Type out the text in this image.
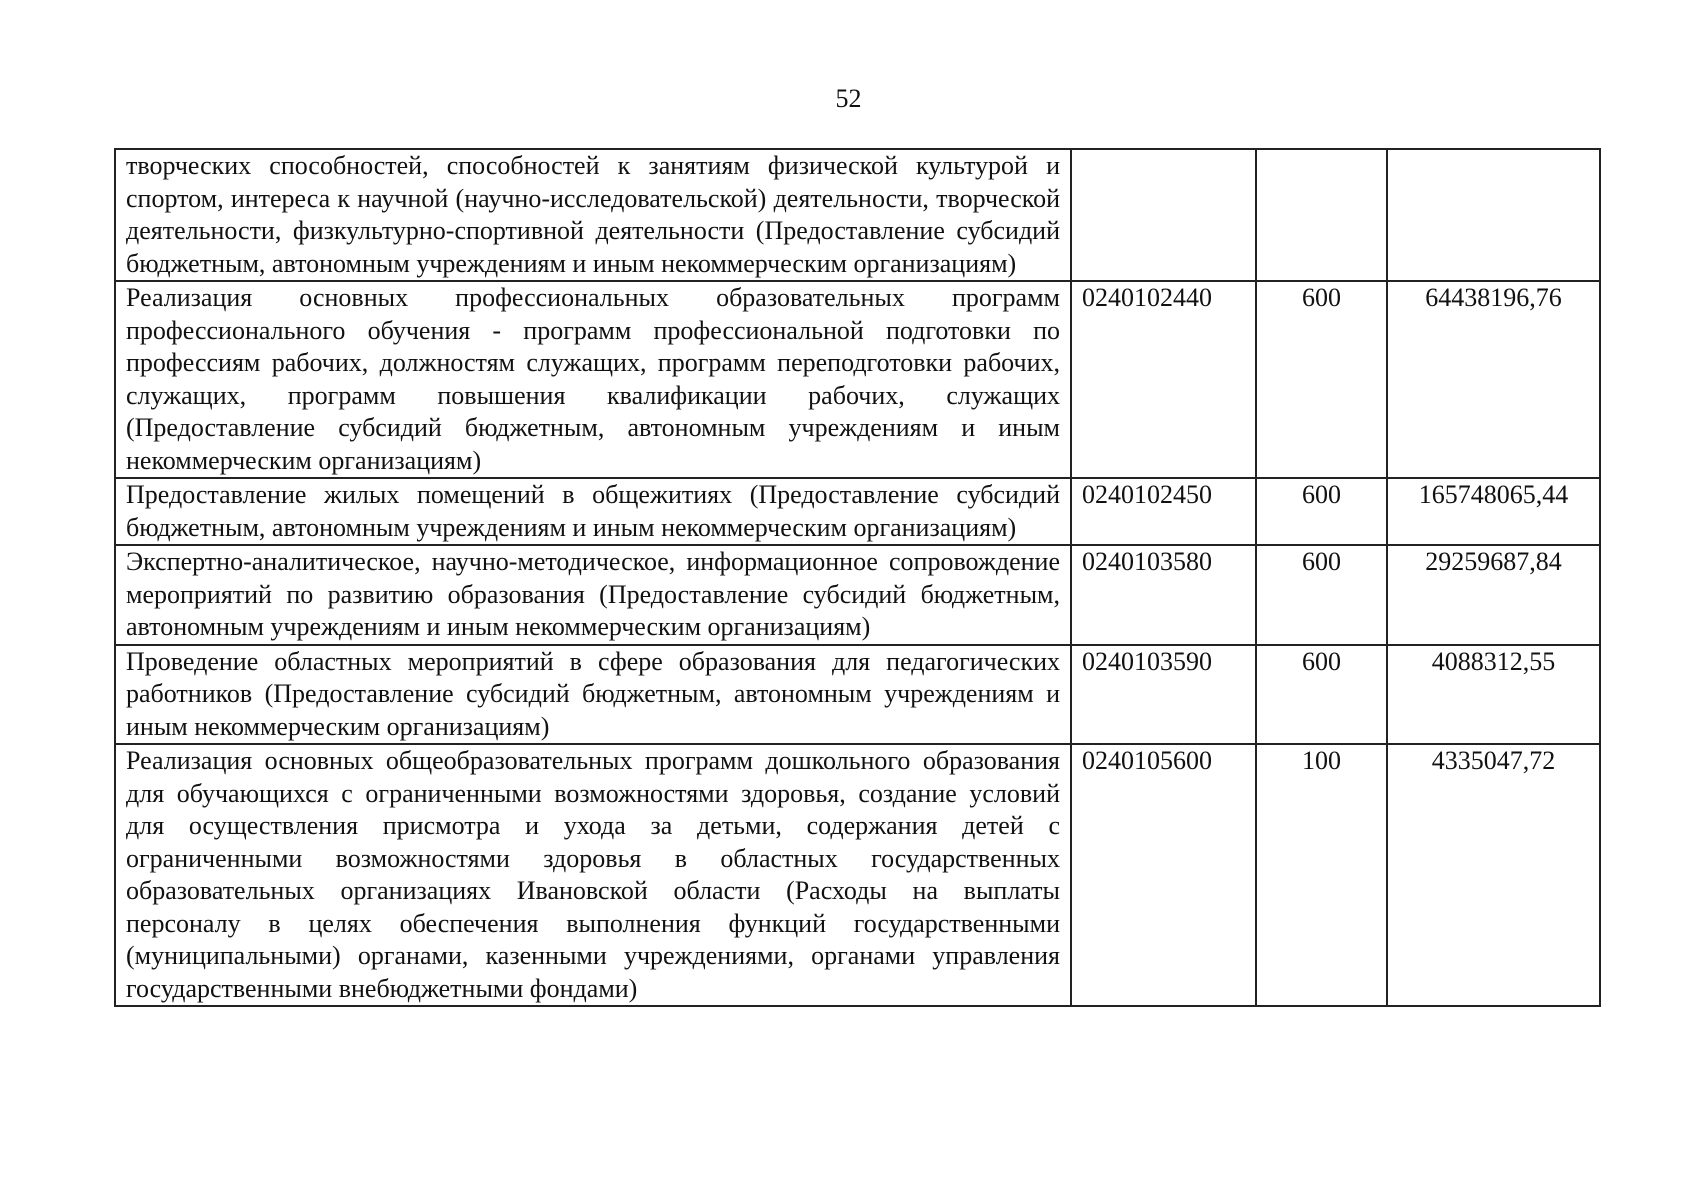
52
творческих способностей, способностей к занятиям физической культурой и спортом, интереса к научной (научно-исследовательской) деятельности, творческой деятельности, физкультурно-спортивной деятельности (Предоставление субсидий бюджетным, автономным учреждениям и иным некоммерческим организациям)			
Реализация основных профессиональных образовательных программ профессионального обучения - программ профессиональной подготовки по профессиям рабочих, должностям служащих, программ переподготовки рабочих, служащих, программ повышения квалификации рабочих, служащих (Предоставление субсидий бюджетным, автономным учреждениям и иным некоммерческим организациям)	0240102440	600	64438196,76
Предоставление жилых помещений в общежитиях (Предоставление субсидий бюджетным, автономным учреждениям и иным некоммерческим организациям)	0240102450	600	165748065,44
Экспертно-аналитическое, научно-методическое, информационное сопровождение мероприятий по развитию образования (Предоставление субсидий бюджетным, автономным учреждениям и иным некоммерческим организациям)	0240103580	600	29259687,84
Проведение областных мероприятий в сфере образования для педагогических работников (Предоставление субсидий бюджетным, автономным учреждениям и иным некоммерческим организациям)	0240103590	600	4088312,55
Реализация основных общеобразовательных программ дошкольного образования для обучающихся с ограниченными возможностями здоровья, создание условий для осуществления присмотра и ухода за детьми, содержания детей с ограниченными возможностями здоровья в областных государственных образовательных организациях Ивановской области (Расходы на выплаты персоналу в целях обеспечения выполнения функций государственными (муниципальными) органами, казенными учреждениями, органами управления государственными внебюджетными фондами)	0240105600	100	4335047,72
